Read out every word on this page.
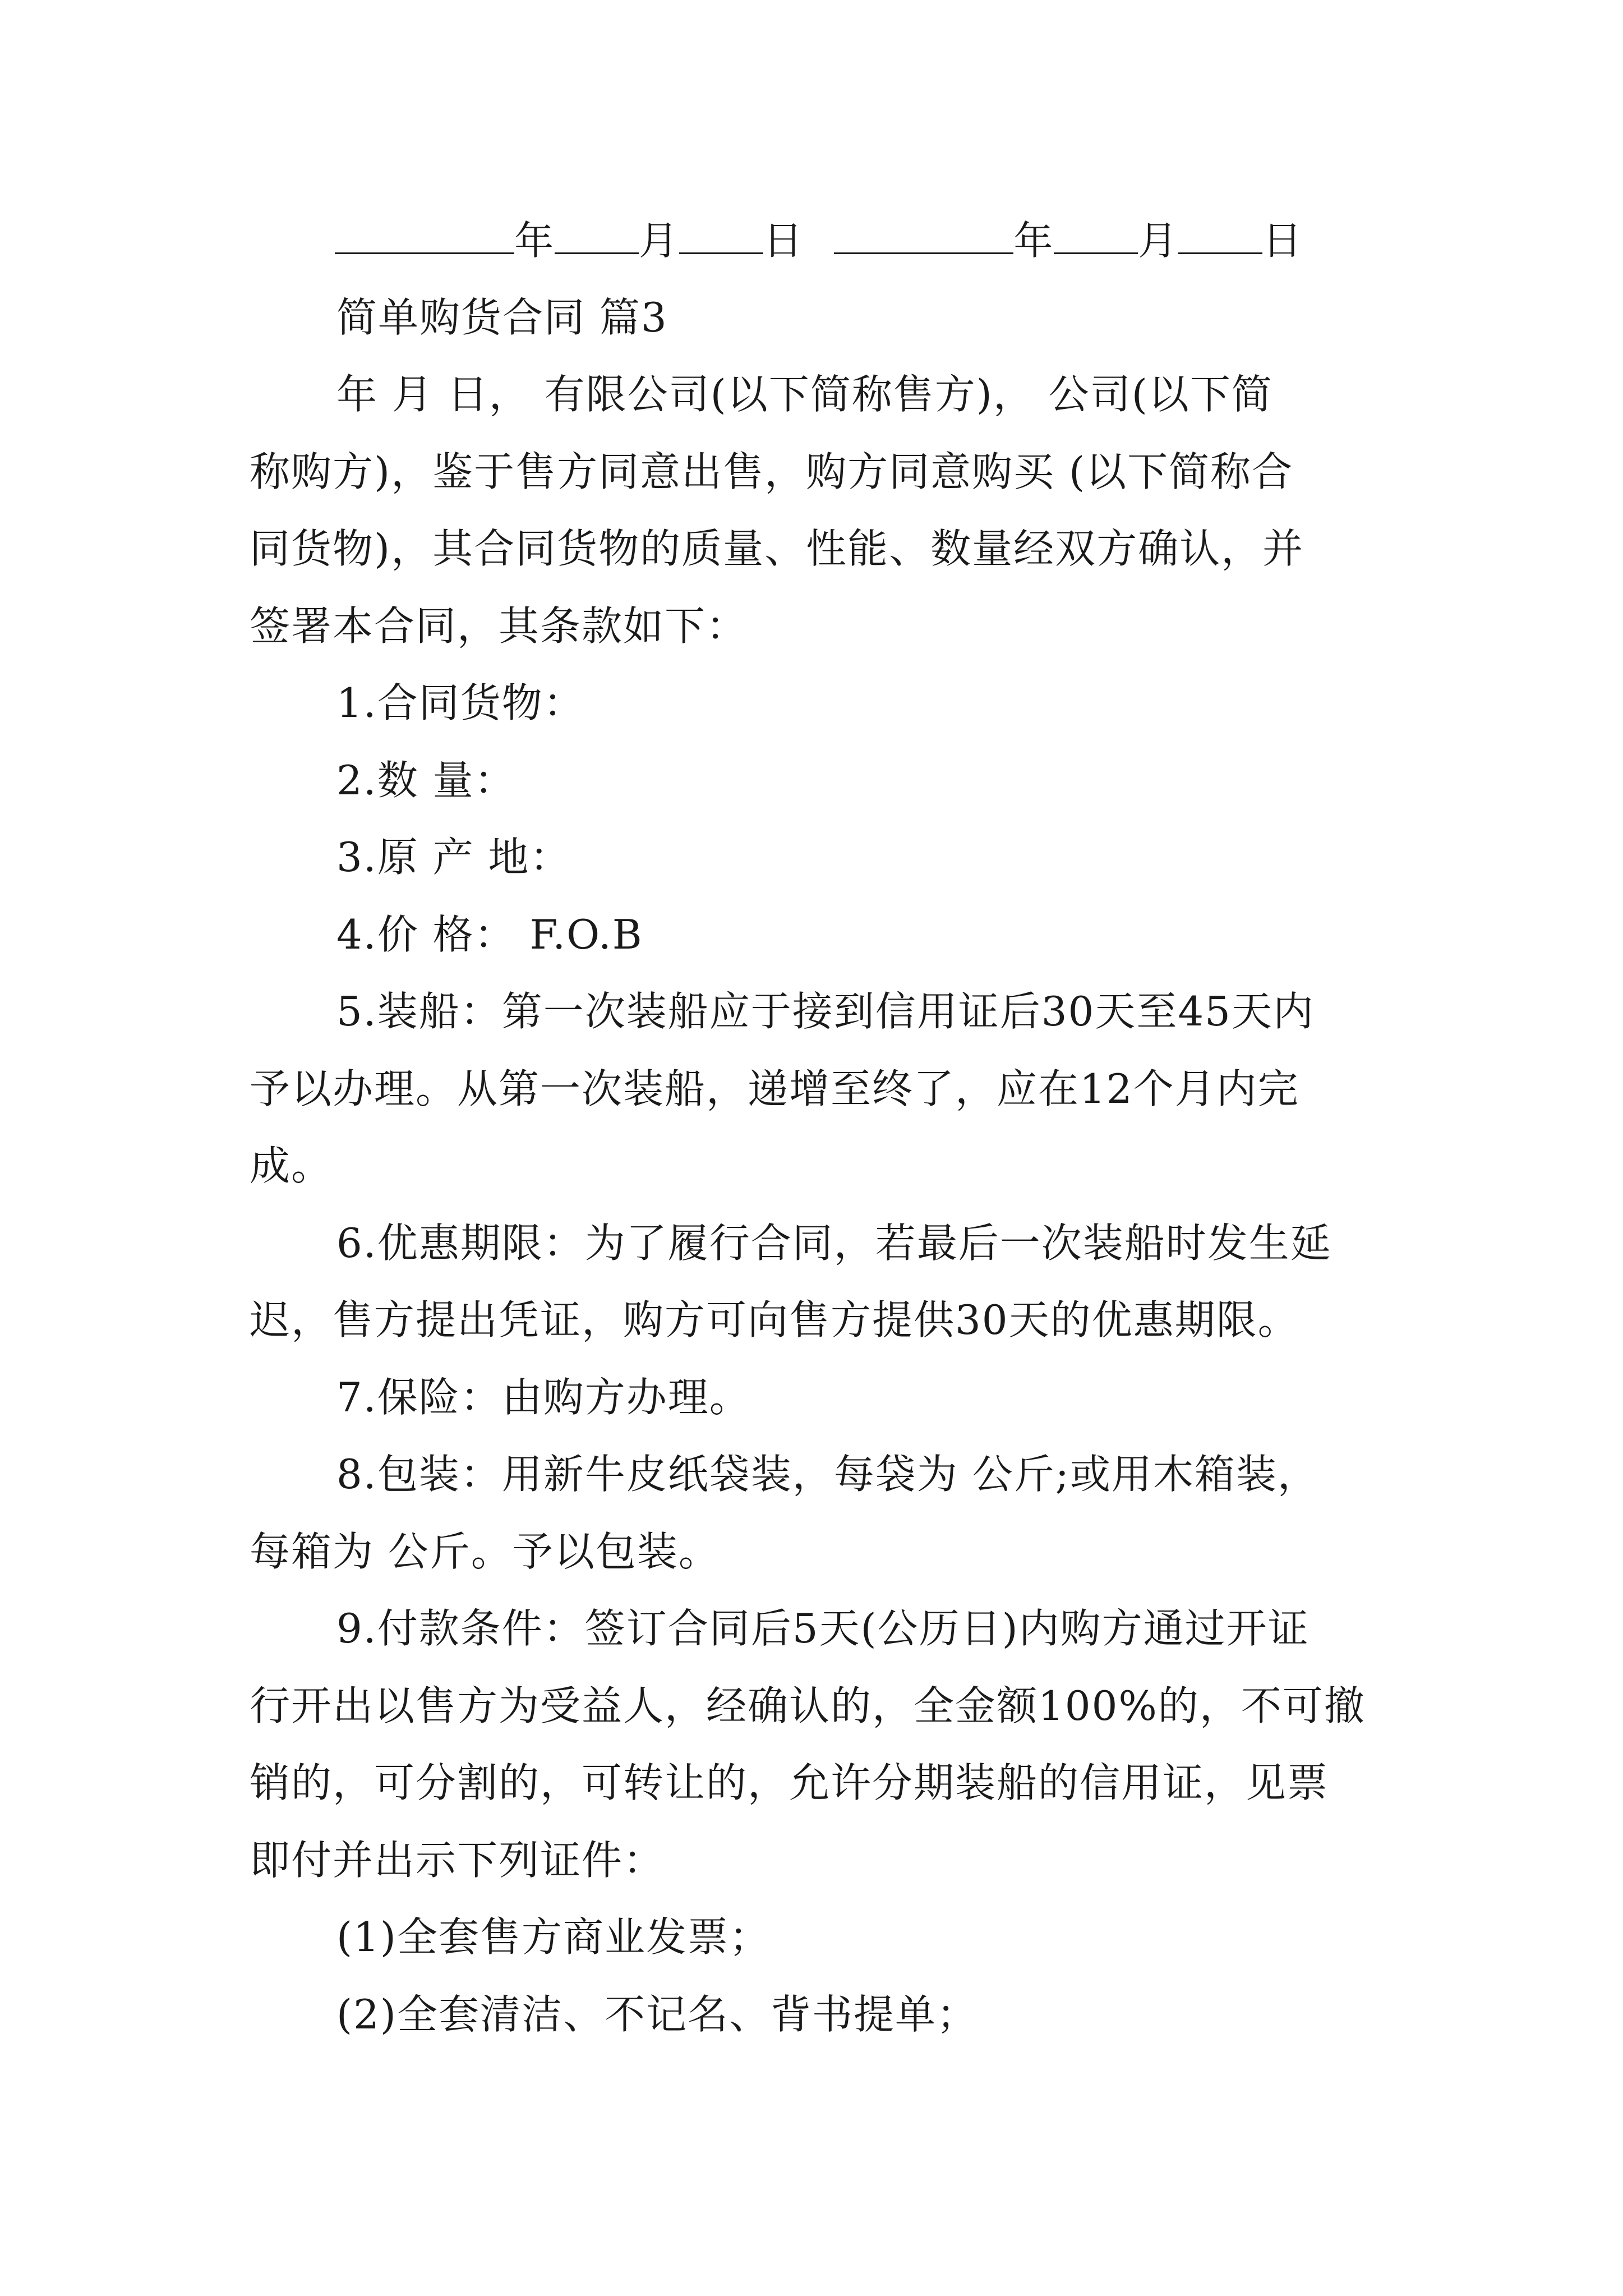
年 月 日	年 月 日
简单购货合同 篇3
年 月 日， 有限公司(以下简称售方)， 公司(以下简
称购方)，鉴于售方同意出售，购方同意购买 (以下简称合
同货物)，其合同货物的质量、性能、数量经双方确认，并
签署本合同，其条款如下：
1.合同货物：
2.数 量：
3.原 产 地：
4.价 格： F.O.B
5.装船：第一次装船应于接到信用证后30天至45天内
予以办理。从第一次装船，递增至终了，应在12个月内完
成。
6.优惠期限：为了履行合同，若最后一次装船时发生延
迟，售方提出凭证，购方可向售方提供30天的优惠期限。
7.保险：由购方办理。
8.包装：用新牛皮纸袋装，每袋为 公斤;或用木箱装，
每箱为 公斤。予以包装。
9.付款条件：签订合同后5天(公历日)内购方通过开证
行开出以售方为受益人，经确认的，全金额100%的，不可撤
销的，可分割的，可转让的，允许分期装船的信用证，见票
即付并出示下列证件：
(1)全套售方商业发票；
(2)全套清洁、不记名、背书提单；
